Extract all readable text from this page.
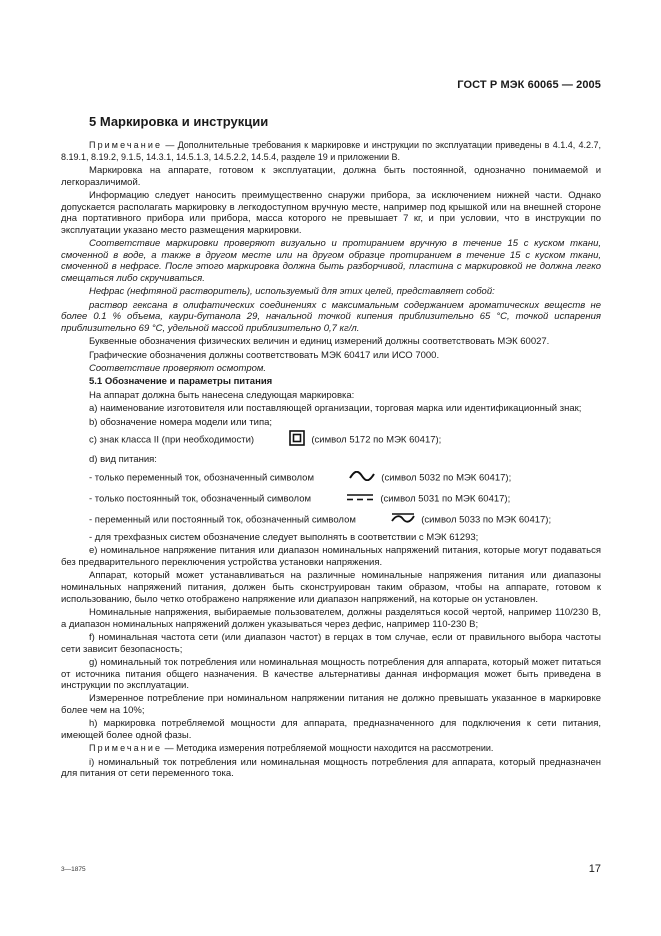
ГОСТ Р МЭК 60065 — 2005
5 Маркировка и инструкции

Примечание — Дополнительные требования к маркировке и инструкции по эксплуатации приведены в 4.1.4, 4.2.7, 8.19.1, 8.19.2, 9.1.5, 14.3.1, 14.5.1.3, 14.5.2.2, 14.5.4, разделе 19 и приложении В.

Маркировка на аппарате, готовом к эксплуатации, должна быть постоянной, однозначно понимаемой и легкоразличимой.

Информацию следует наносить преимущественно снаружи прибора, за исключением нижней части. Однако допускается располагать маркировку в легкодоступном вручную месте, например под крышкой или на внешней стороне дна портативного прибора или прибора, масса которого не превышает 7 кг, и при условии, что в инструкции по эксплуатации указано место размещения маркировки.

Соответствие маркировки проверяют визуально и протиранием вручную в течение 15 с куском ткани, смоченной в воде, а также в другом месте или на другом образце протиранием в течение 15 с куском ткани, смоченной в нефрасе. После этого маркировка должна быть разборчивой, пластина с маркировкой не должна легко смещаться либо скручиваться.

Нефрас (нефтяной растворитель), используемый для этих целей, представляет собой:

раствор гексана в олифатических соединениях с максимальным содержанием ароматических веществ не более 0.1 % объема, каури-бутанола 29, начальной точкой кипения приблизительно 65 °С, точкой испарения приблизительно 69 °С, удельной массой приблизительно 0,7 кг/л.

Буквенные обозначения физических величин и единиц измерений должны соответствовать МЭК 60027.

Графические обозначения должны соответствовать МЭК 60417 или ИСО 7000.

Соответствие проверяют осмотром.

5.1 Обозначение и параметры питания

На аппарат должна быть нанесена следующая маркировка:

а) наименование изготовителя или поставляющей организации, торговая марка или идентификационный знак;

b) обозначение номера модели или типа;

c) знак класса II (при необходимости)	(символ 5172 по МЭК 60417);

d) вид питания:

- только переменный ток, обозначенный символом	(символ 5032 по МЭК 60417);

- только постоянный ток, обозначенный символом	(символ 5031 по МЭК 60417);

- переменный или постоянный ток, обозначенный символом	(символ 5033 по МЭК 60417);

- для трехфазных систем обозначение следует выполнять в соответствии с МЭК 61293;

е) номинальное напряжение питания или диапазон номинальных напряжений питания, которые могут подаваться без предварительного переключения устройства установки напряжения.

Аппарат, который может устанавливаться на различные номинальные напряжения питания или диапазоны номинальных напряжений питания, должен быть сконструирован таким образом, чтобы на аппарате, готовом к использованию, было четко отображено напряжение или диапазон напряжений, на которые он установлен.

Номинальные напряжения, выбираемые пользователем, должны разделяться косой чертой, например 110/230 В, а диапазон номинальных напряжений должен указываться через дефис, например 110-230 В;

f) номинальная частота сети (или диапазон частот) в герцах в том случае, если от правильного выбора частоты сети зависит безопасность;

g) номинальный ток потребления или номинальная мощность потребления для аппарата, который может питаться от источника питания общего назначения. В качестве альтернативы данная информация может быть приведена в инструкции по эксплуатации.

Измеренное потребление при номинальном напряжении питания не должно превышать указанное в маркировке более чем на 10%;

h) маркировка потребляемой мощности для аппарата, предназначенного для подключения к сети питания, имеющей более одной фазы.

Примечание — Методика измерения потребляемой мощности находится на рассмотрении.

i) номинальный ток потребления или номинальная мощность потребления для аппарата, который предназначен для питания от сети переменного тока.

3—1875	17
